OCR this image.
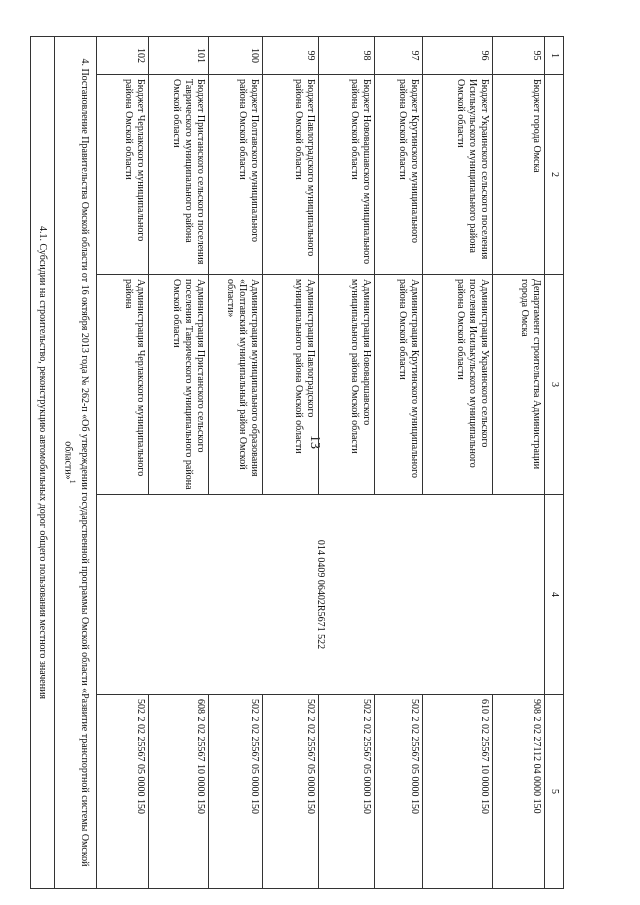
13
1	2	3	4	5
95	Бюджет города Омска	Департамент строительства Администрации города Омска	014 0409 06402R5671 522	908 2 02 27112 04 0000 150
96	Бюджет Украинского сельского поселения Исилькульского муниципального района Омской области	Администрация Украинского сельского поселения Исилькульского муниципального района Омской области		610 2 02 25567 10 0000 150
97	Бюджет Крутинского муниципального района Омской области	Администрация Крутинского муниципального района Омской области		502 2 02 25567 05 0000 150
98	Бюджет Нововаршавского муниципального района Омской области	Администрация Нововаршавского муниципального района Омской области		502 2 02 25567 05 0000 150
99	Бюджет Павлоградского муниципального района Омской области	Администрация Павлоградского муниципального района Омской области		502 2 02 25567 05 0000 150
100	Бюджет Полтавского муниципального района Омской области	Администрация муниципального образования «Полтавский муниципальный район Омской области»		502 2 02 25567 05 0000 150
101	Бюджет Пристанского сельского поселения Таврического муниципального района Омской области	Администрация Пристанского сельского поселения Таврического муниципального района Омской области		608 2 02 25567 10 0000 150
102	Бюджет Черлакского муниципального района Омской области	Администрация Черлакского муниципального района		502 2 02 25567 05 0000 150
4. Постановление Правительства Омской области от 16 октября 2013 года № 262-п «Об утверждении государственной программы Омской области «Развитие транспортной системы Омской области»$^1$
4.1. Субсидии на строительство, реконструкцию автомобильных дорог общего пользования местного значения				
